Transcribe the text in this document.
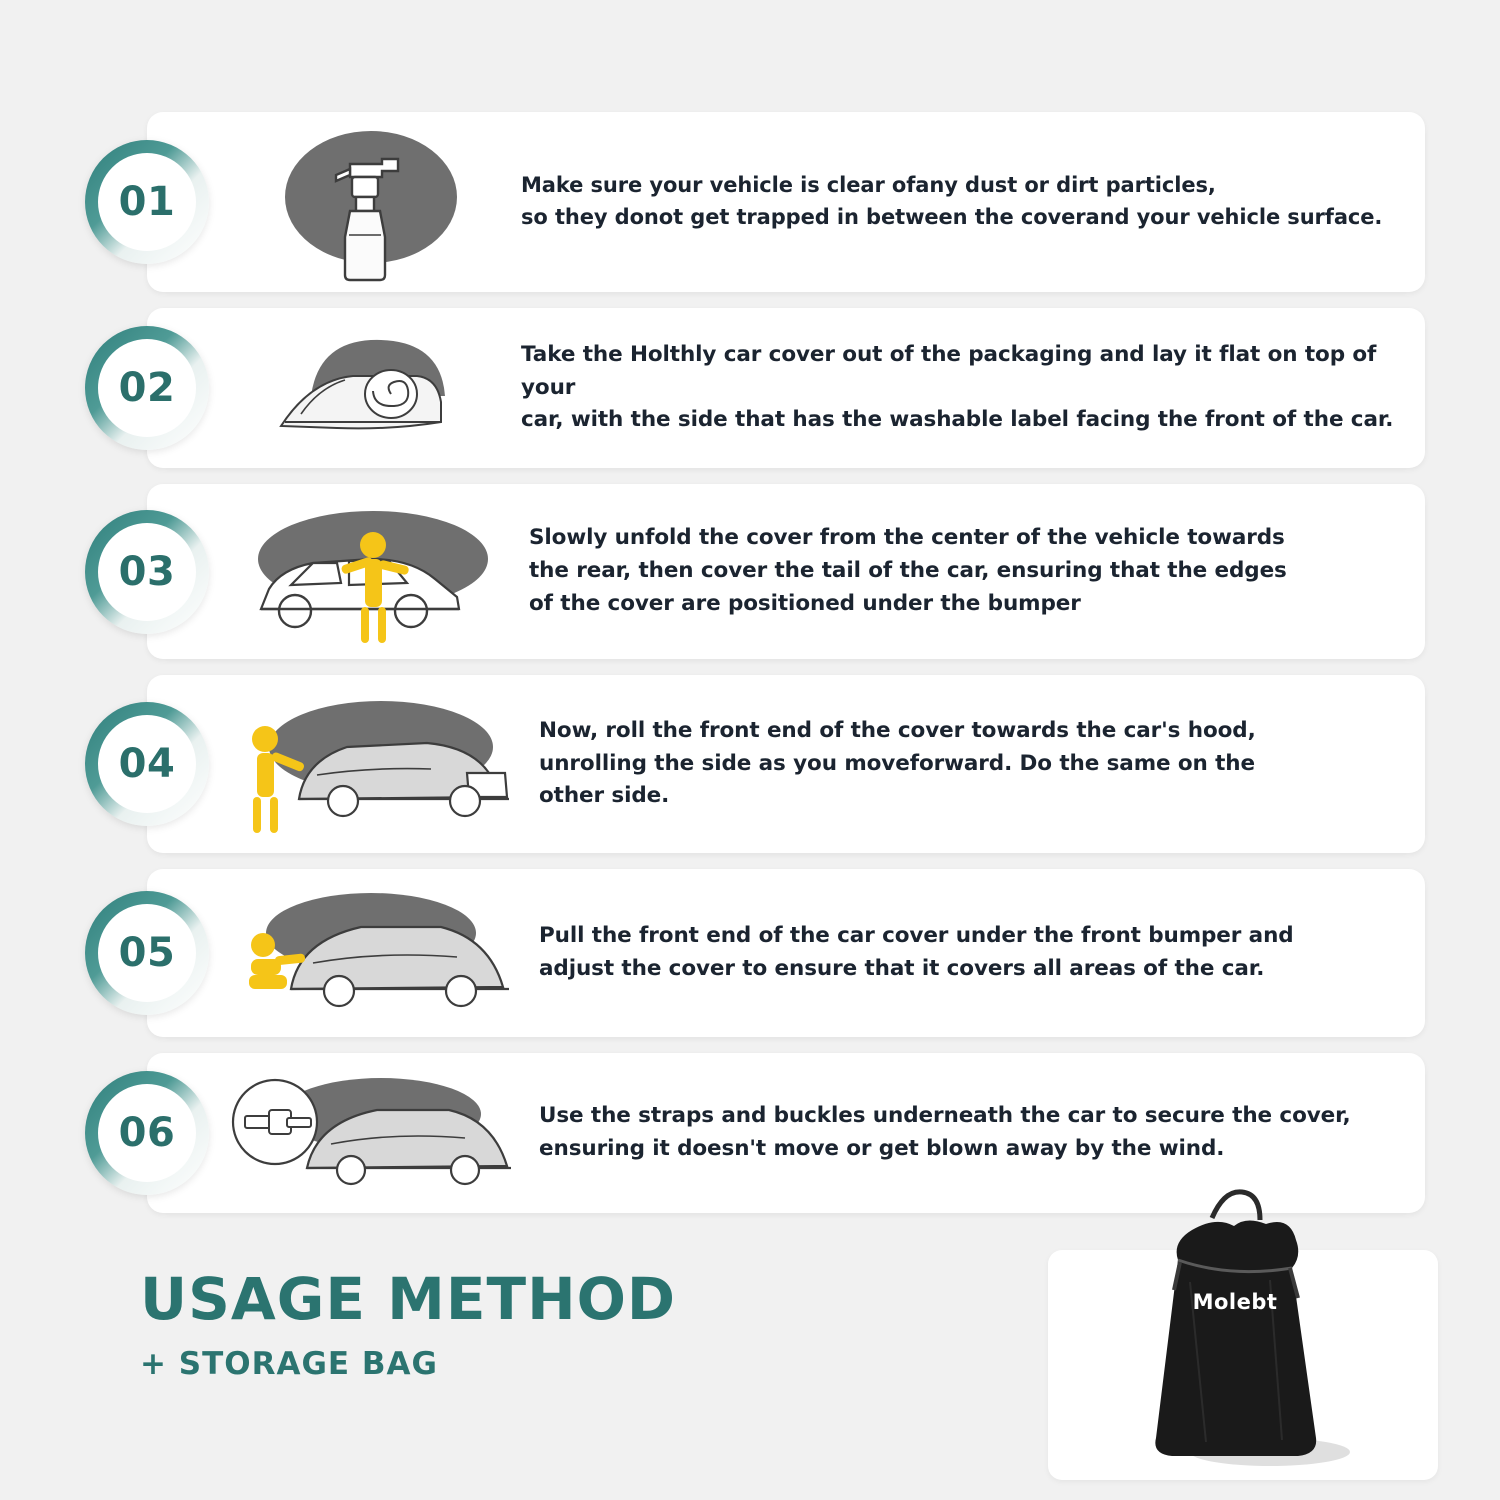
01	Make sure your vehicle is clear ofany dust or dirt particles,

so they donot get trapped in between the coverand your vehicle surface.

02

Take the Holthly car cover out of the packaging and lay it flat on top of your

car, with the side that has the washable label facing the front of the car.

03

Slowly unfold the cover from the center of the vehicle towards

the rear, then cover the tail of the car, ensuring that the edges

of the cover are positioned under the bumper

04

Now, roll the front end of the cover towards the car's hood,

unrolling the side as you moveforward. Do the same on the

other side.

05	Pull the front end of the car cover under the front bumper and

adjust the cover to ensure that it covers all areas of the car.

06	Use the straps and buckles underneath the car to secure the cover,

ensuring it doesn't move or get blown away by the wind.

USAGE METHOD
+ STORAGE BAG
Molebt
